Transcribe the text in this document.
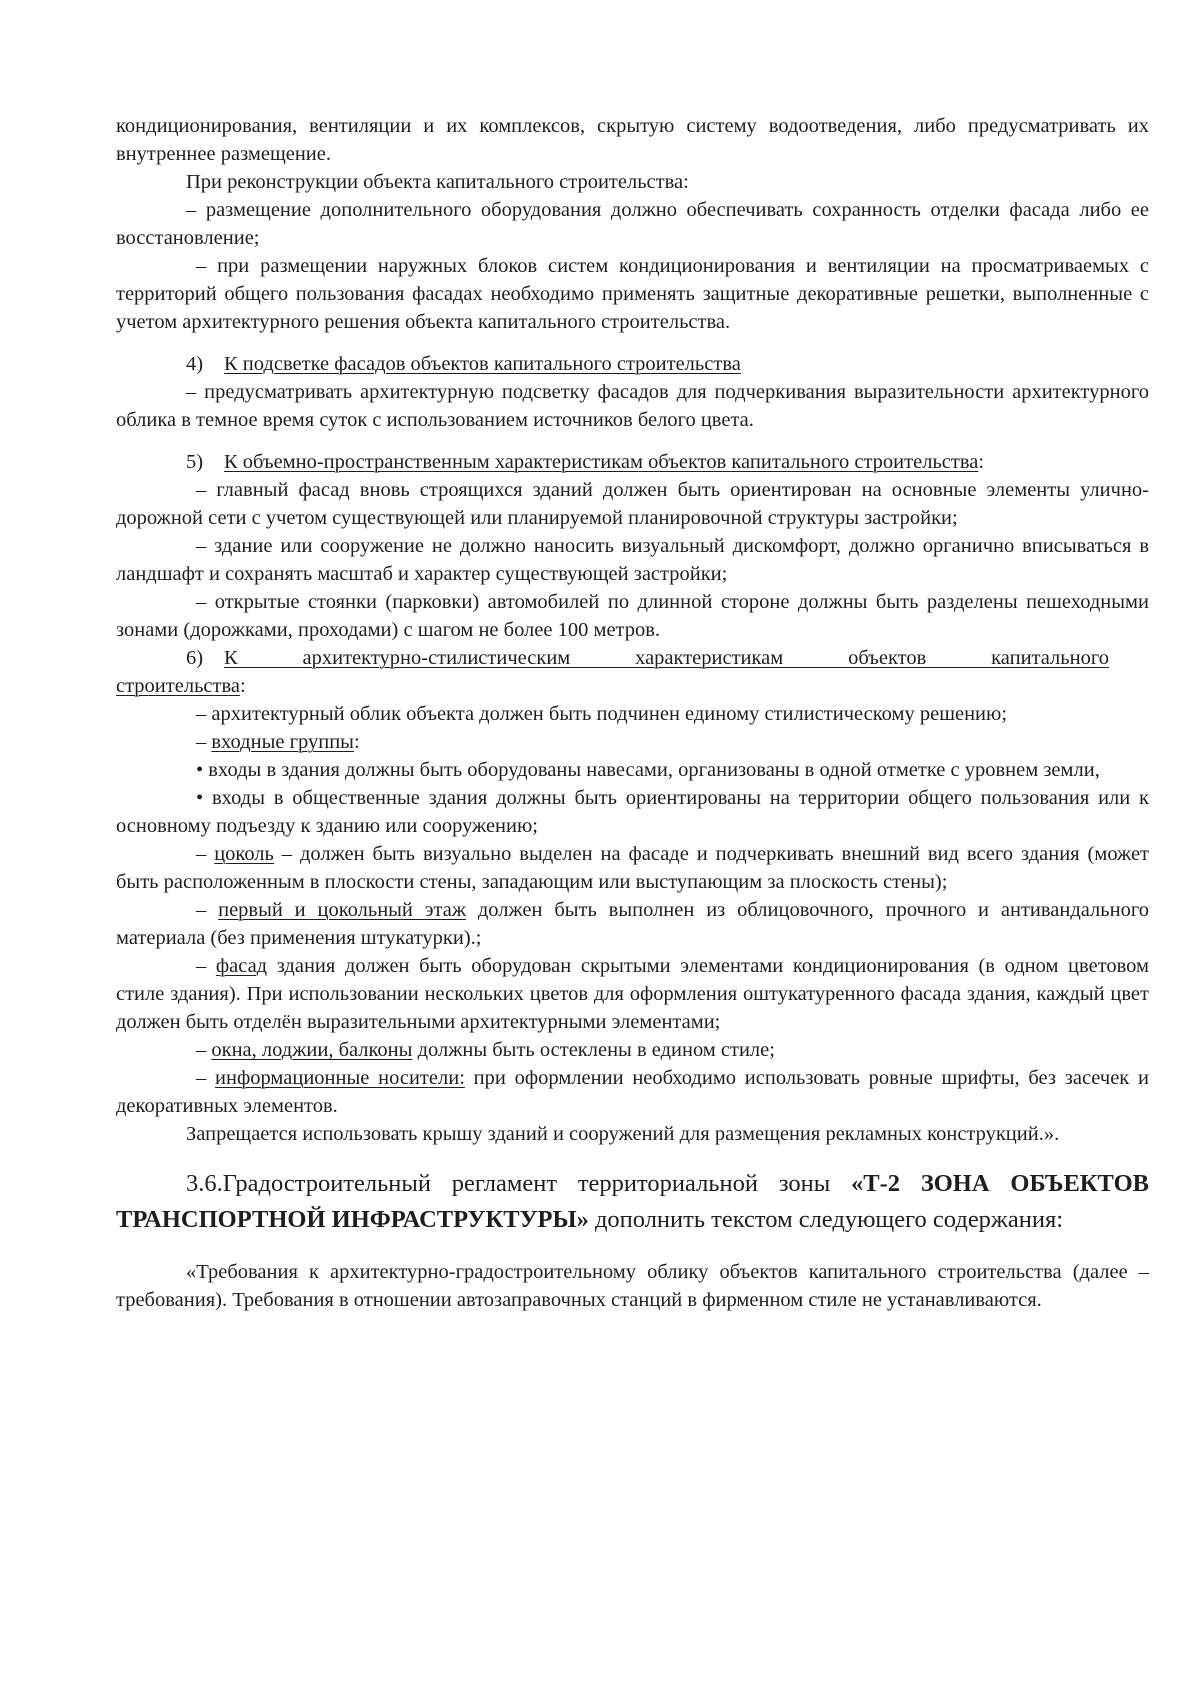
кондиционирования, вентиляции и их комплексов, скрытую систему водоотведения, либо предусматривать их внутреннее размещение.

При реконструкции объекта капитального строительства:

– размещение дополнительного оборудования должно обеспечивать сохранность отделки фасада либо ее восстановление;

– при размещении наружных блоков систем кондиционирования и вентиляции на просматриваемых с территорий общего пользования фасадах необходимо применять защитные декоративные решетки, выполненные с учетом архитектурного решения объекта капитального строительства.

4) К подсветке фасадов объектов капитального строительства

– предусматривать архитектурную подсветку фасадов для подчеркивания выразительности архитектурного облика в темное время суток с использованием источников белого цвета.

5) К объемно-пространственным характеристикам объектов капитального строительства:

– главный фасад вновь строящихся зданий должен быть ориентирован на основные элементы улично-дорожной сети с учетом существующей или планируемой планировочной структуры застройки;

– здание или сооружение не должно наносить визуальный дискомфорт, должно органично вписываться в ландшафт и сохранять масштаб и характер существующей застройки;

– открытые стоянки (парковки) автомобилей по длинной стороне должны быть разделены пешеходными зонами (дорожками, проходами) с шагом не более 100 метров.

6) К архитектурно-стилистическим характеристикам объектов капитального
строительства:

– архитектурный облик объекта должен быть подчинен единому стилистическому решению;

– входные группы:

• входы в здания должны быть оборудованы навесами, организованы в одной отметке с уровнем земли,

• входы в общественные здания должны быть ориентированы на территории общего пользования или к основному подъезду к зданию или сооружению;

– цоколь – должен быть визуально выделен на фасаде и подчеркивать внешний вид всего здания (может быть расположенным в плоскости стены, западающим или выступающим за плоскость стены);

– первый и цокольный этаж должен быть выполнен из облицовочного, прочного и антивандального материала (без применения штукатурки).;

– фасад здания должен быть оборудован скрытыми элементами кондиционирования (в одном цветовом стиле здания). При использовании нескольких цветов для оформления оштукатуренного фасада здания, каждый цвет должен быть отделён выразительными архитектурными элементами;

– окна, лоджии, балконы должны быть остеклены в едином стиле;

– информационные носители: при оформлении необходимо использовать ровные шрифты, без засечек и декоративных элементов.

Запрещается использовать крышу зданий и сооружений для размещения рекламных конструкций.».

3.6.Градостроительный регламент территориальной зоны «Т-2 ЗОНА ОБЪЕКТОВ ТРАНСПОРТНОЙ ИНФРАСТРУКТУРЫ» дополнить текстом следующего содержания:

«Требования к архитектурно-градостроительному облику объектов капитального строительства (далее – требования). Требования в отношении автозаправочных станций в фирменном стиле не устанавливаются.
